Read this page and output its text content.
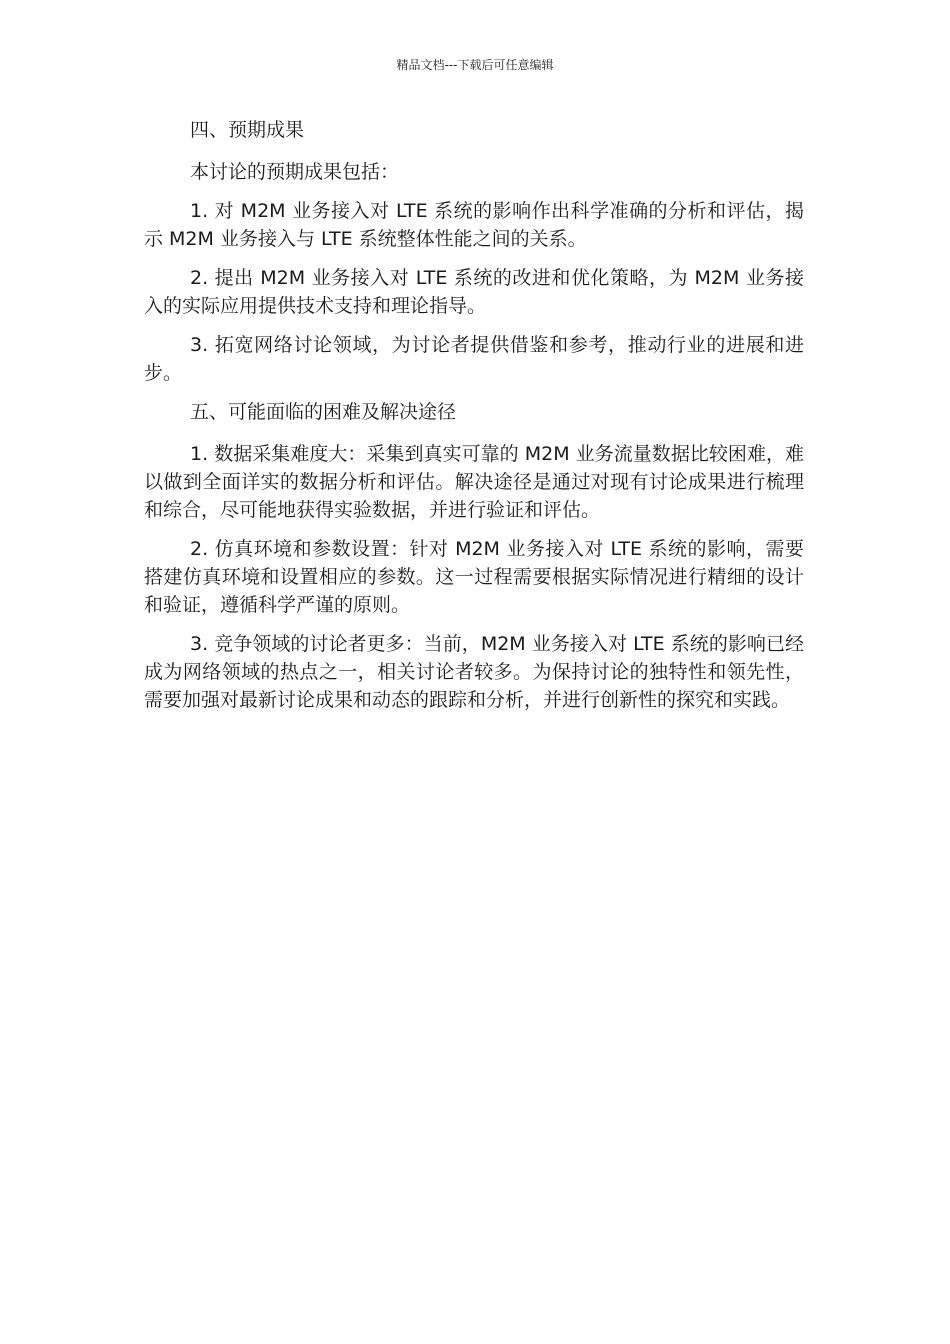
精品文档---下载后可任意编辑

四、预期成果

本讨论的预期成果包括：

1. 对 M2M 业务接入对 LTE 系统的影响作出科学准确的分析和评估，揭示 M2M 业务接入与 LTE 系统整体性能之间的关系。

2. 提出 M2M 业务接入对 LTE 系统的改进和优化策略，为 M2M 业务接入的实际应用提供技术支持和理论指导。

3. 拓宽网络讨论领域，为讨论者提供借鉴和参考，推动行业的进展和进步。

五、可能面临的困难及解决途径

1. 数据采集难度大：采集到真实可靠的 M2M 业务流量数据比较困难，难以做到全面详实的数据分析和评估。解决途径是通过对现有讨论成果进行梳理和综合，尽可能地获得实验数据，并进行验证和评估。

2. 仿真环境和参数设置：针对 M2M 业务接入对 LTE 系统的影响，需要搭建仿真环境和设置相应的参数。这一过程需要根据实际情况进行精细的设计和验证，遵循科学严谨的原则。

3. 竞争领域的讨论者更多：当前，M2M 业务接入对 LTE 系统的影响已经成为网络领域的热点之一，相关讨论者较多。为保持讨论的独特性和领先性，需要加强对最新讨论成果和动态的跟踪和分析，并进行创新性的探究和实践。
